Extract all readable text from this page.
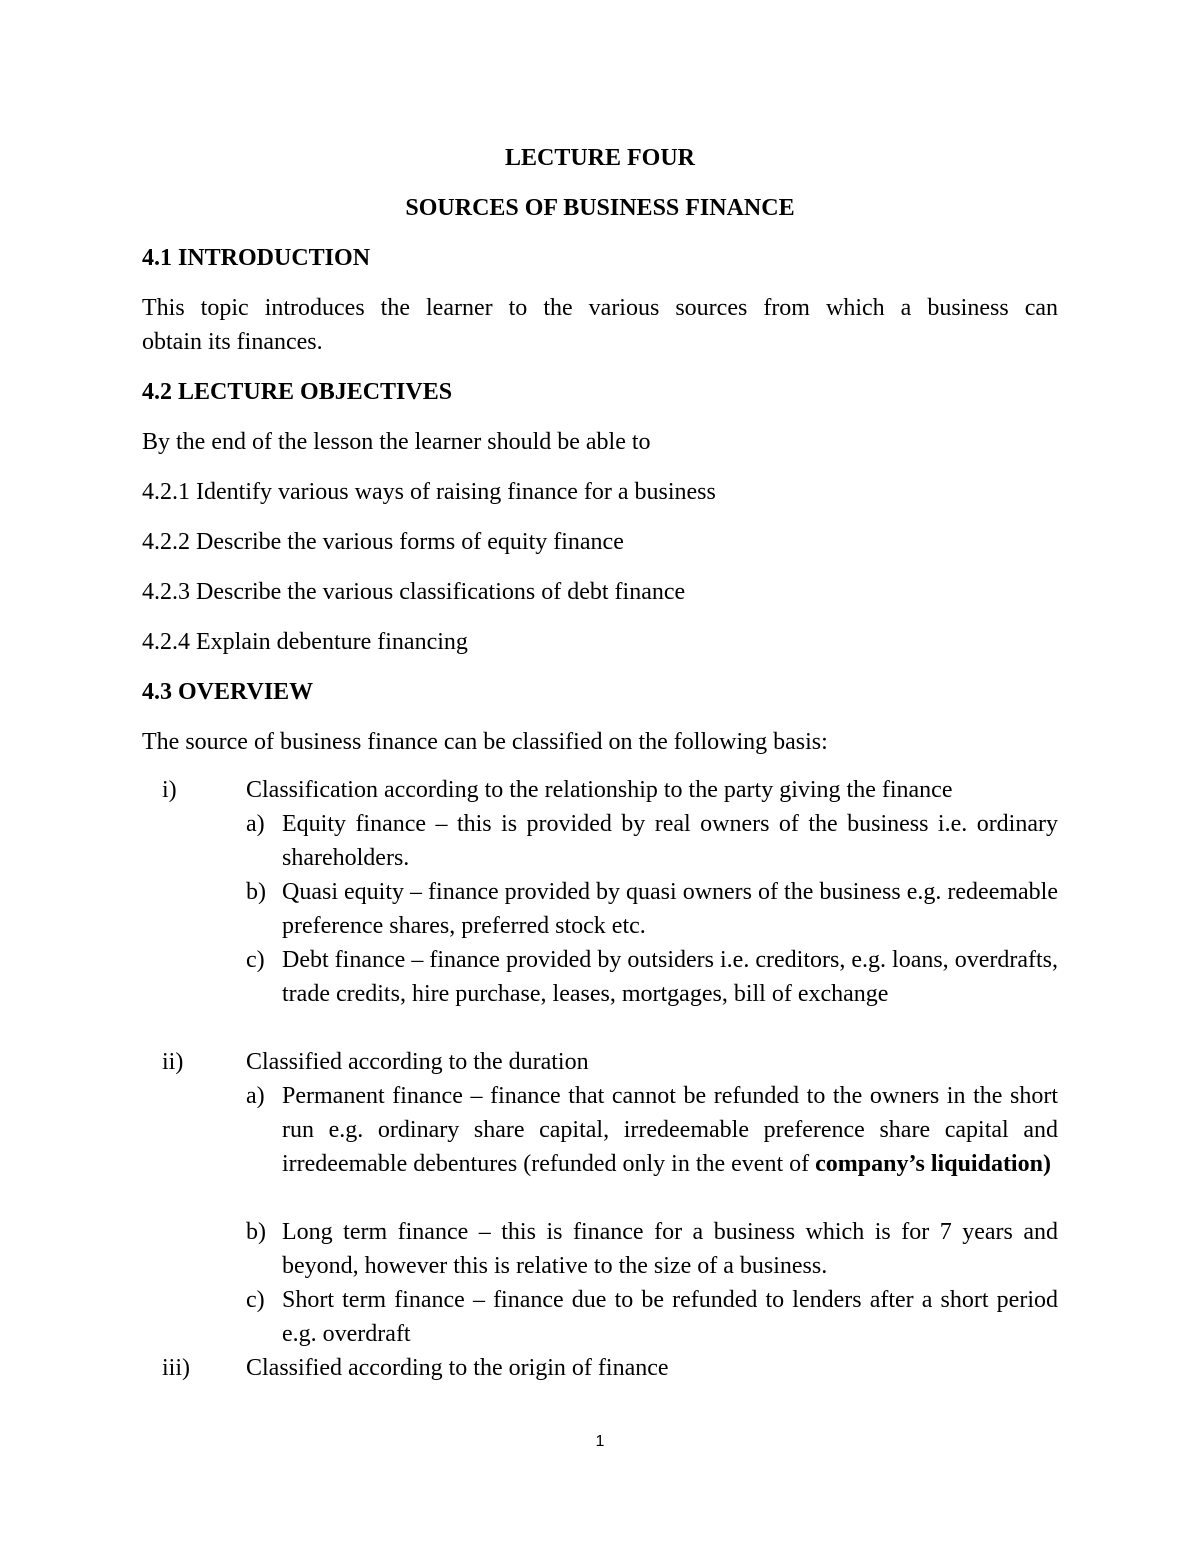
LECTURE FOUR
SOURCES OF BUSINESS FINANCE
4.1 INTRODUCTION
This topic introduces the learner to the various sources from which a business can
obtain its finances.
4.2 LECTURE OBJECTIVES
By the end of the lesson the learner should be able to
4.2.1 Identify various ways of raising finance for a business
4.2.2 Describe the various forms of equity finance
4.2.3 Describe the various classifications of debt finance
4.2.4 Explain debenture financing
4.3 OVERVIEW
The source of business finance can be classified on the following basis:
i)	Classification according to the relationship to the party giving the finance
a) Equity finance – this is provided by real owners of the business i.e. ordinary shareholders.
b) Quasi equity – finance provided by quasi owners of the business e.g. redeemable preference shares, preferred stock etc.
c) Debt finance – finance provided by outsiders i.e. creditors, e.g. loans, overdrafts, trade credits, hire purchase, leases, mortgages, bill of exchange
ii)	Classified according to the duration
a) Permanent finance – finance that cannot be refunded to the owners in the short run e.g. ordinary share capital, irredeemable preference share capital and irredeemable debentures (refunded only in the event of company’s liquidation)
b) Long term finance – this is finance for a business which is for 7 years and beyond, however this is relative to the size of a business.
c) Short term finance – finance due to be refunded to lenders after a short period e.g. overdraft
iii) Classified according to the origin of finance
1
